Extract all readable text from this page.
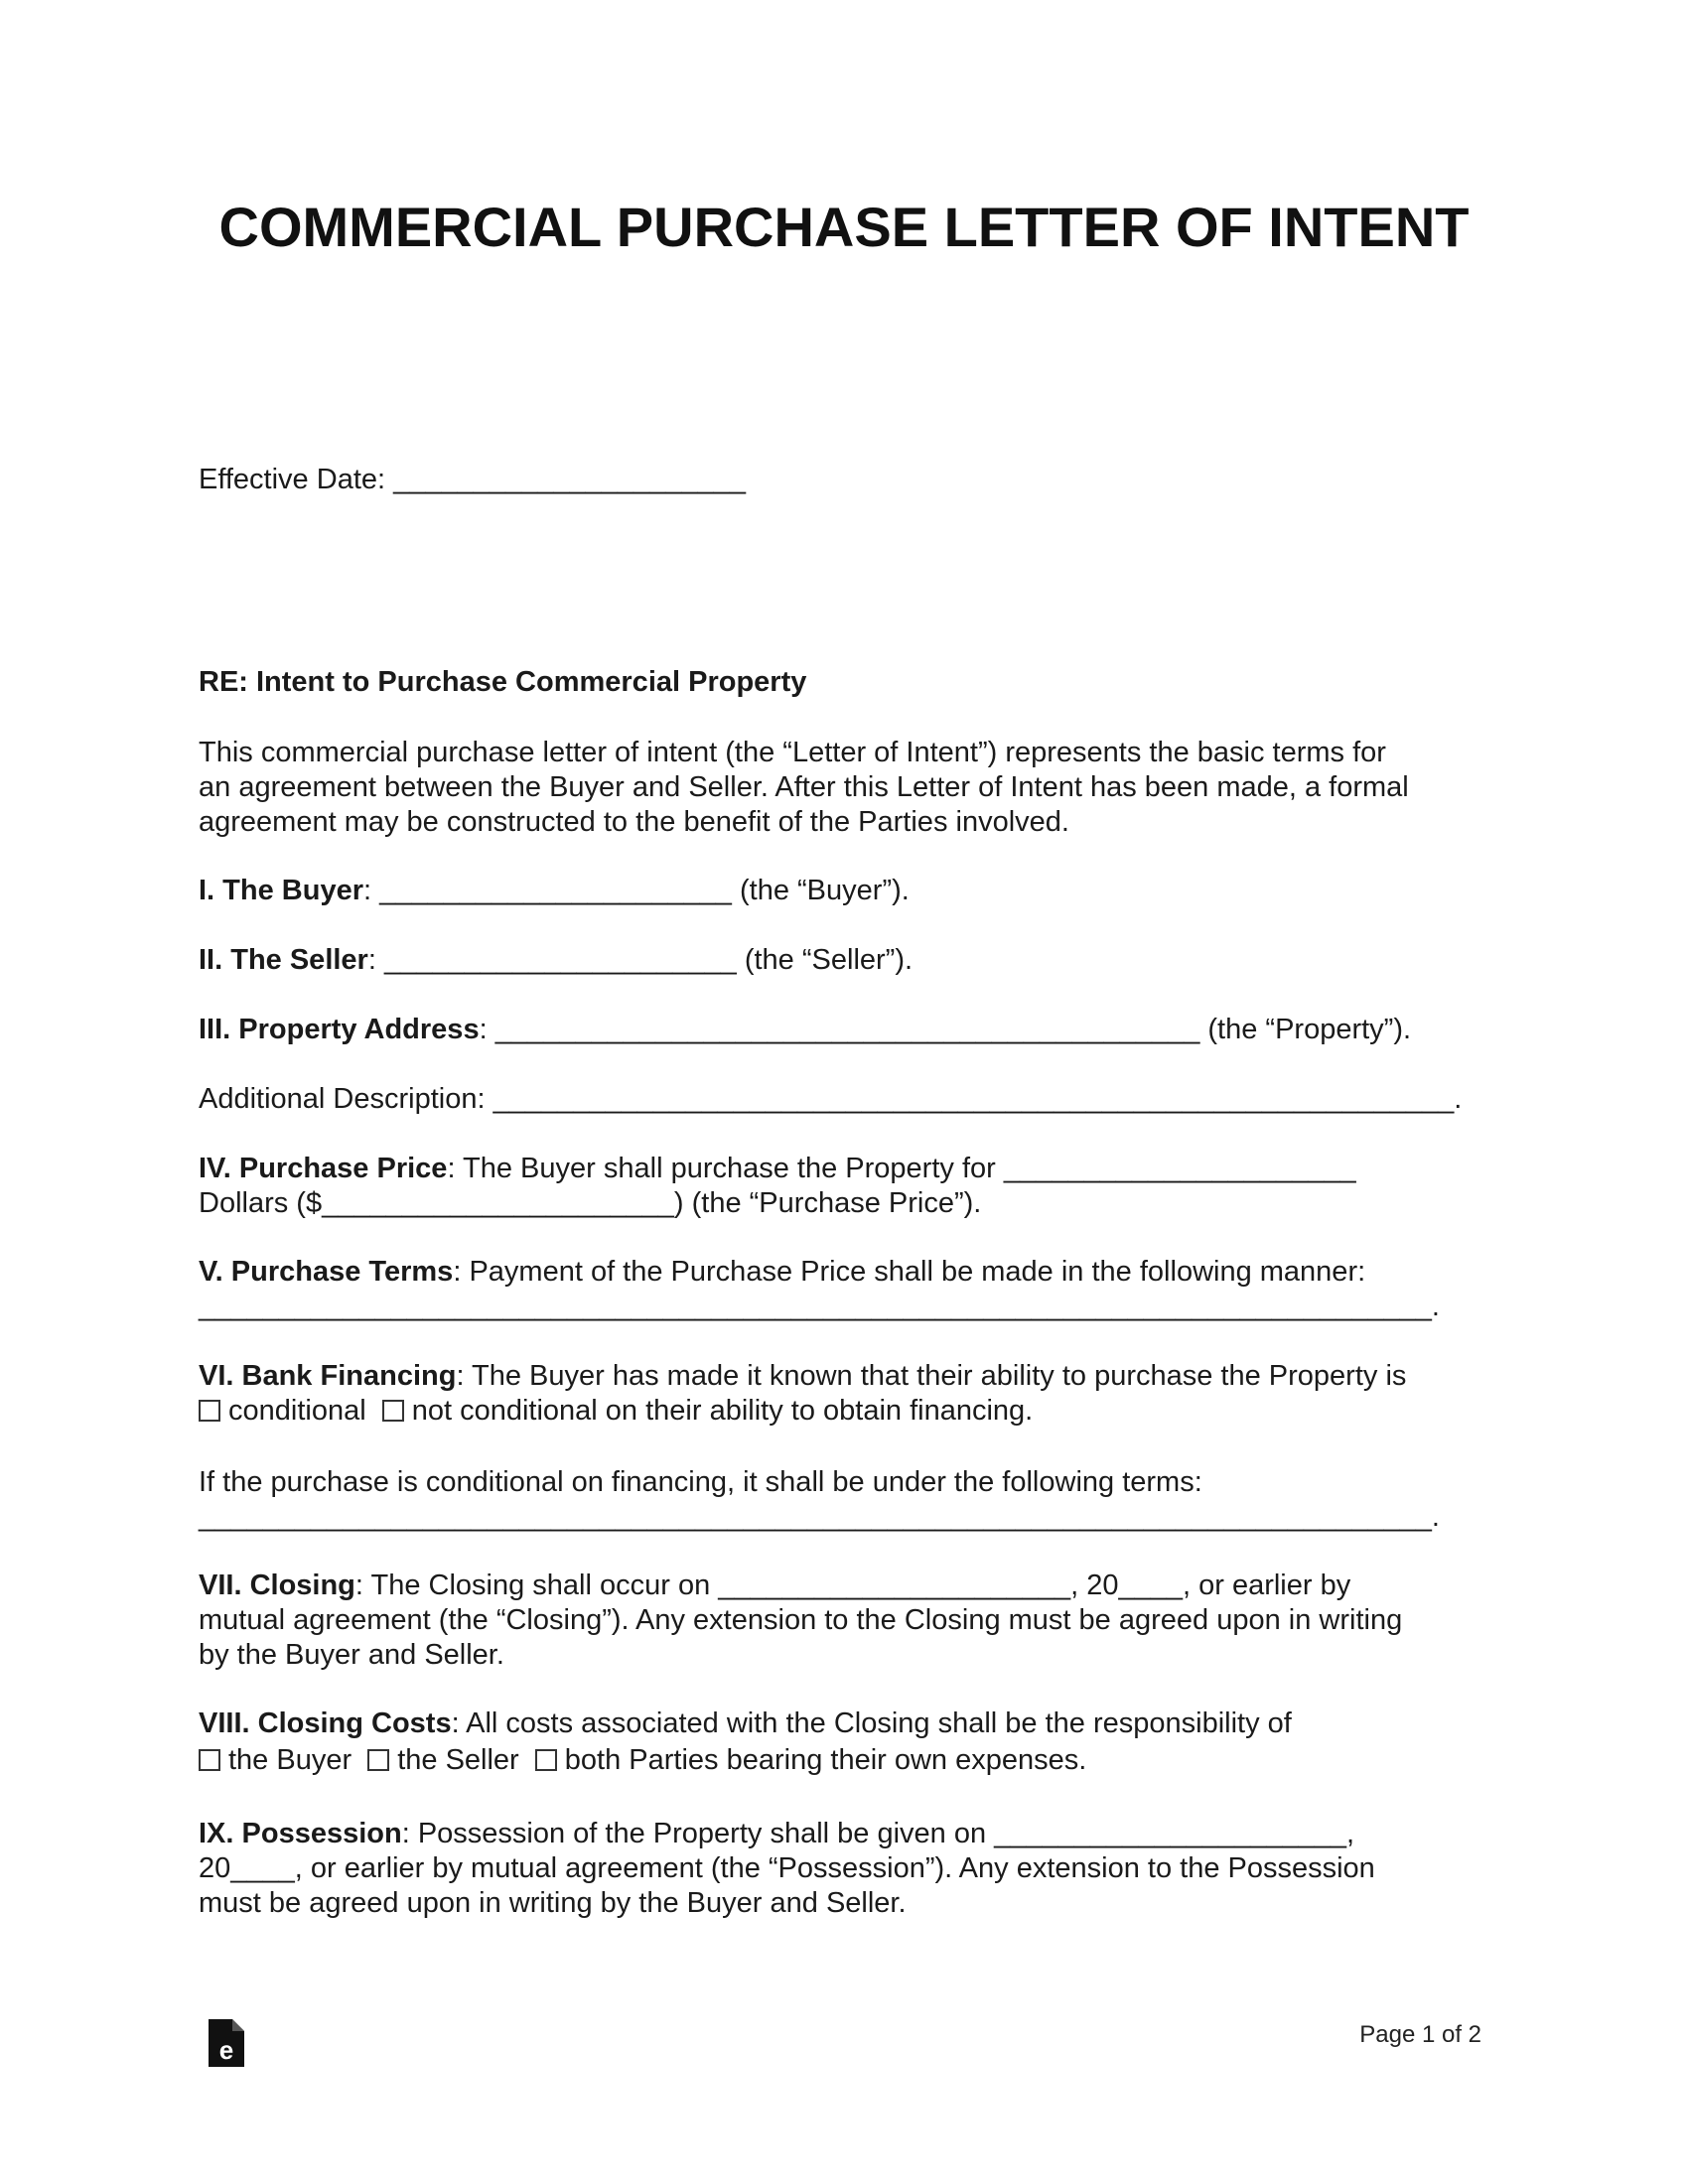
COMMERCIAL PURCHASE LETTER OF INTENT
Effective Date: ______________________
RE: Intent to Purchase Commercial Property
This commercial purchase letter of intent (the “Letter of Intent”) represents the basic terms for
an agreement between the Buyer and Seller. After this Letter of Intent has been made, a formal
agreement may be constructed to the benefit of the Parties involved.
I. The Buyer: ______________________ (the “Buyer”).
II. The Seller: ______________________ (the “Seller”).
III. Property Address: ____________________________________________ (the “Property”).
Additional Description: ____________________________________________________________.
IV. Purchase Price: The Buyer shall purchase the Property for ______________________
Dollars ($______________________) (the “Purchase Price”).
V. Purchase Terms: Payment of the Purchase Price shall be made in the following manner:
_____________________________________________________________________________.
VI. Bank Financing: The Buyer has made it known that their ability to purchase the Property is
conditional not conditional on their ability to obtain financing.
If the purchase is conditional on financing, it shall be under the following terms:
_____________________________________________________________________________.
VII. Closing: The Closing shall occur on ______________________, 20____, or earlier by
mutual agreement (the “Closing”). Any extension to the Closing must be agreed upon in writing
by the Buyer and Seller.
VIII. Closing Costs: All costs associated with the Closing shall be the responsibility of
the Buyer the Seller both Parties bearing their own expenses.
IX. Possession: Possession of the Property shall be given on ______________________,
20____, or earlier by mutual agreement (the “Possession”). Any extension to the Possession
must be agreed upon in writing by the Buyer and Seller.
e
Page 1 of 2
